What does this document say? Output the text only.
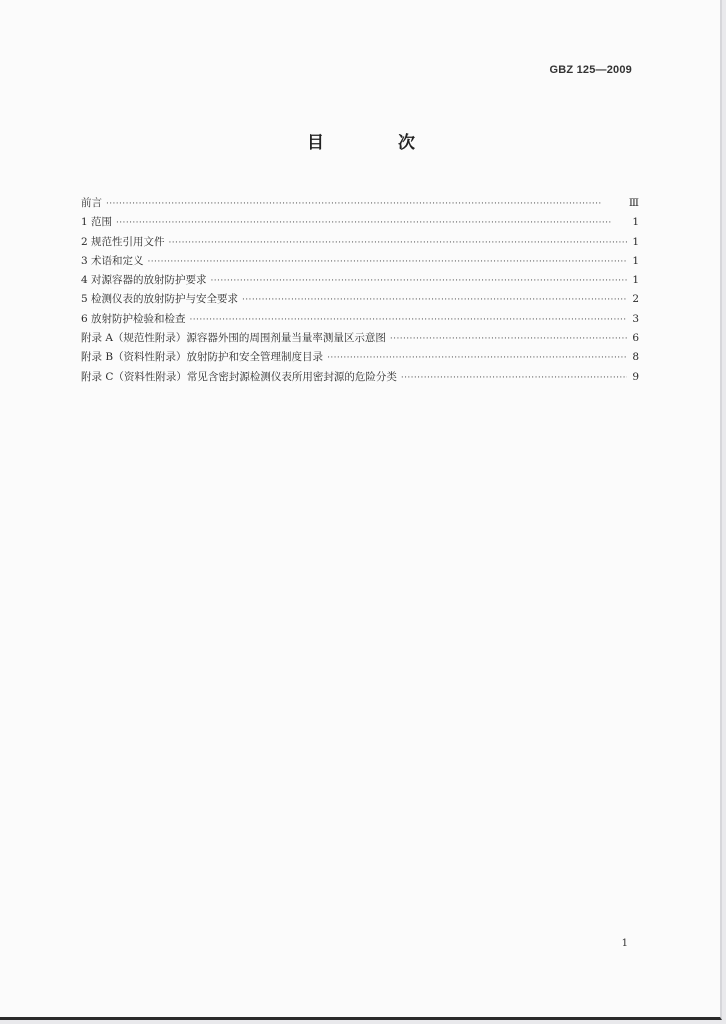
GBZ 125—2009
目 次
前言 ·····	Ⅲ
1 范围 ·····	1
2 规范性引用文件 ·····	1
3 术语和定义 ·····	1
4 对源容器的放射防护要求 ·····	1
5 检测仪表的放射防护与安全要求 ·····	2
6 放射防护检验和检查 ·····	3
附录 A（规范性附录）源容器外围的周围剂量当量率测量区示意图 ·····	6
附录 B（资料性附录）放射防护和安全管理制度目录 ·····	8
附录 C（资料性附录）常见含密封源检测仪表所用密封源的危险分类 ·····	9
1
